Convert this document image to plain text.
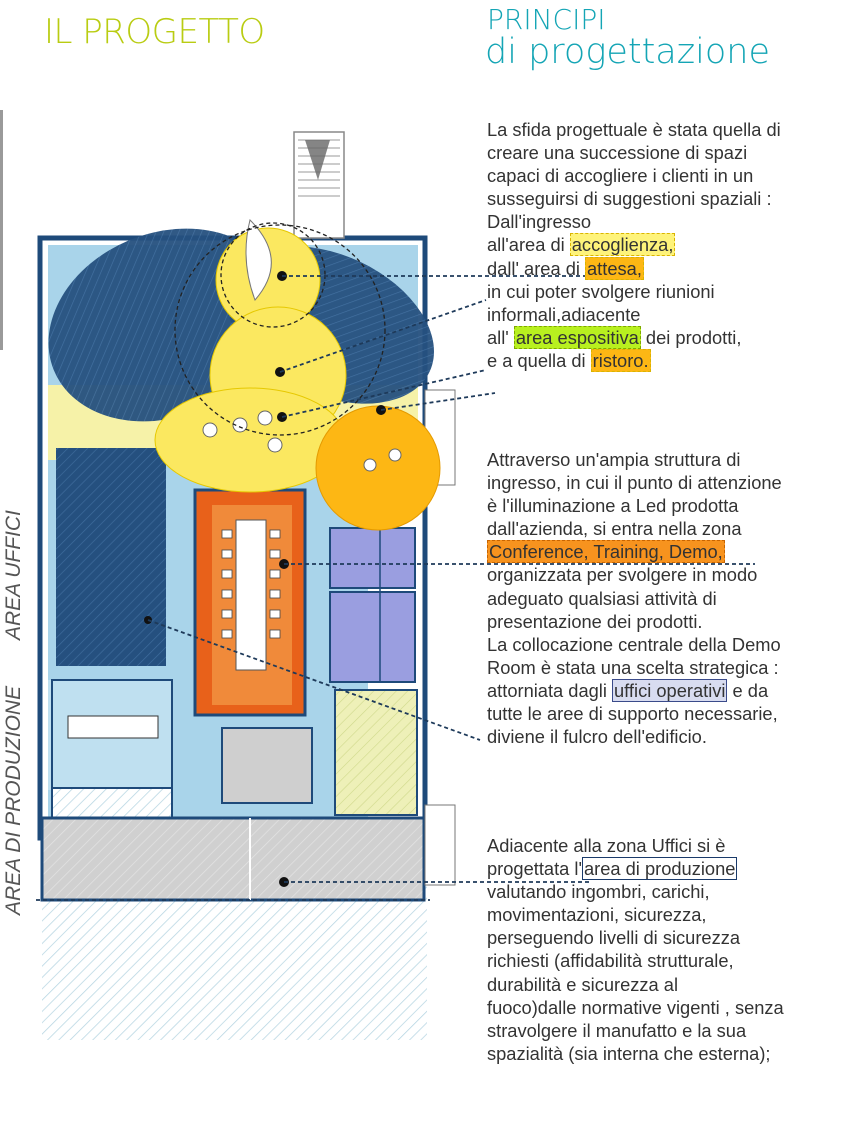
IL PROGETTO	PRINCIPI
di progettazione
AREA UFFICI
AREA DI PRODUZIONE

La sfida progettuale è stata quella di

creare una successione di spazi

capaci di accogliere i clienti in un

susseguirsi di suggestioni spaziali :

Dall'ingresso

all'area di accoglienza,

dall' area di attesa,

in cui poter svolgere riunioni

informali,adiacente

all' area espositiva dei prodotti,

e a quella di ristoro.

Attraverso un'ampia struttura di

ingresso, in cui il punto di attenzione

è l'illuminazione a Led prodotta

dall'azienda, si entra nella zona

Conference, Training, Demo,

organizzata per svolgere in modo

adeguato qualsiasi attività di

presentazione dei prodotti.

La collocazione centrale della Demo

Room è stata una scelta strategica :

attorniata dagli uffici operativi e da

tutte le aree di supporto necessarie,

diviene il fulcro dell'edificio.

Adiacente alla zona Uffici si è

progettata l' area di produzione

valutando ingombri, carichi,

movimentazioni, sicurezza,

perseguendo livelli di sicurezza

richiesti (affidabilità strutturale,

durabilità e sicurezza al

fuoco)dalle normative vigenti , senza

stravolgere il manufatto e la sua

spazialità (sia interna che esterna);
